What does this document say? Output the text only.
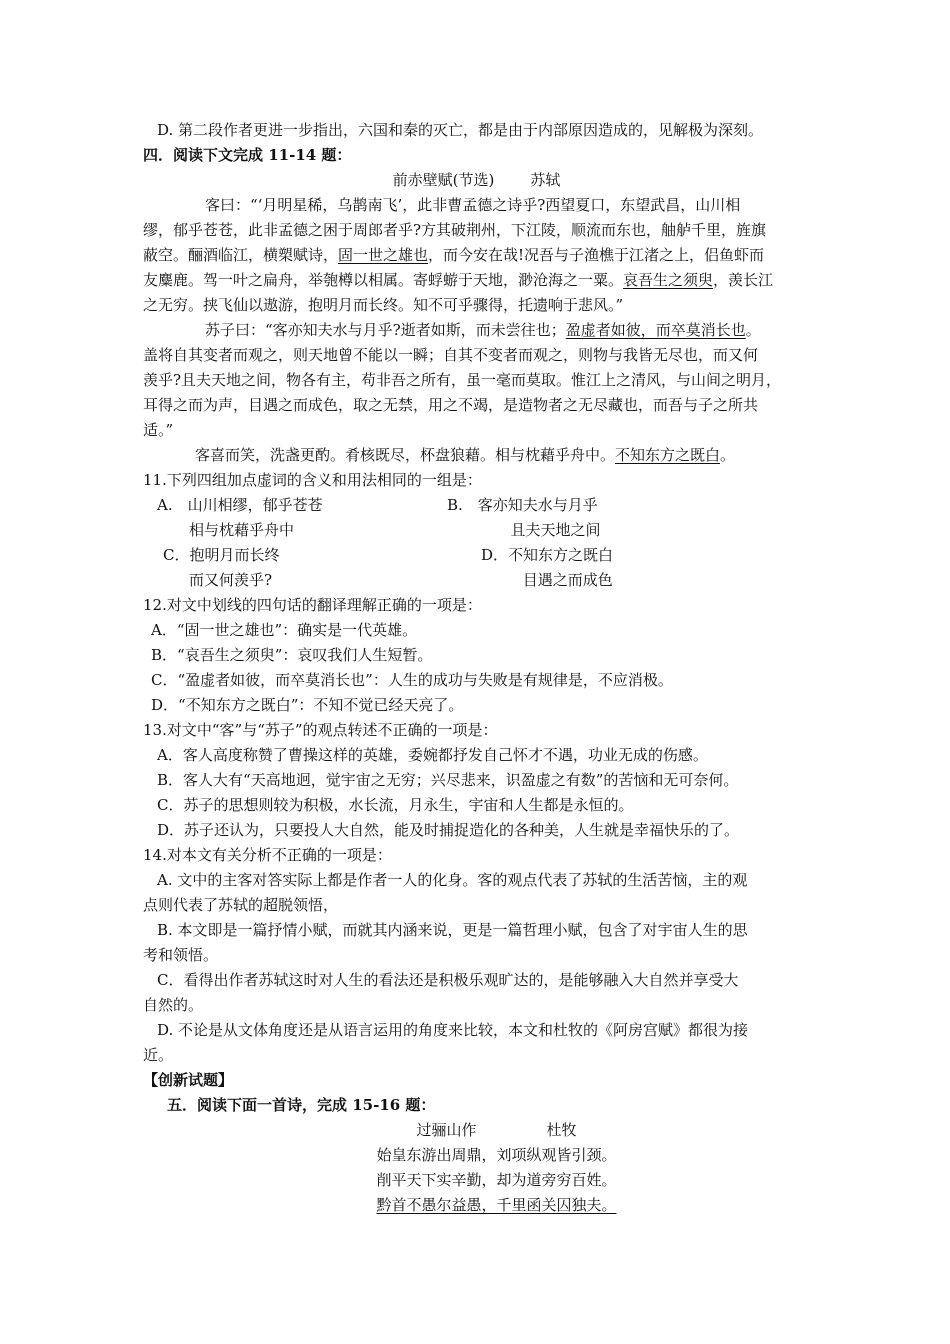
D. 第二段作者更进一步指出，六国和秦的灭亡，都是由于内部原因造成的，见解极为深刻。
四．阅读下文完成 11-14 题：
前赤壁赋(节选) 苏轼
客曰：“‘月明星稀，乌鹊南飞’，此非曹孟德之诗乎?西望夏口，东望武昌，山川相
缪，郁乎苍苍，此非孟德之困于周郎者乎?方其破荆州，下江陵，顺流而东也，舳舻千里，旌旗
蔽空。酾酒临江，横槊赋诗，固一世之雄也，而今安在哉!况吾与子渔樵于江渚之上，侣鱼虾而
友麋鹿。驾一叶之扁舟，举匏樽以相属。寄蜉蝣于天地，渺沧海之一粟。哀吾生之须臾，羡长江
之无穷。挟飞仙以遨游，抱明月而长终。知不可乎骤得，托遗响于悲风。”
苏子曰：“客亦知夫水与月乎?逝者如斯，而未尝往也；盈虚者如彼，而卒莫消长也。
盖将自其变者而观之，则天地曾不能以一瞬；自其不变者而观之，则物与我皆无尽也，而又何
羡乎?且夫天地之间，物各有主，苟非吾之所有，虽一毫而莫取。惟江上之清风，与山间之明月，
耳得之而为声，目遇之而成色，取之无禁，用之不竭，是造物者之无尽藏也，而吾与子之所共
适。”
客喜而笑，洗盏更酌。肴核既尽，杯盘狼藉。相与枕藉乎舟中。不知东方之既白。
11.下列四组加点虚词的含义和用法相同的一组是：
A.　山川相缪，郁乎苍苍	B.　客亦知夫水与月乎
相与枕藉乎舟中	且夫天地之间
C．抱明月而长终	D．不知东方之既白
而又何羡乎?	目遇之而成色
12.对文中划线的四句话的翻译理解正确的一项是：
A．“固一世之雄也”：确实是一代英雄。
B．“哀吾生之须臾”：哀叹我们人生短暂。
C．“盈虚者如彼，而卒莫消长也”：人生的成功与失败是有规律是，不应消极。
D．“不知东方之既白”：不知不觉已经天亮了。
13.对文中“客”与“苏子”的观点转述不正确的一项是：
A．客人高度称赞了曹操这样的英雄，委婉都抒发自己怀才不遇，功业无成的伤感。
B．客人大有“天高地迥，觉宇宙之无穷；兴尽悲来，识盈虚之有数”的苦恼和无可奈何。
C．苏子的思想则较为积极，水长流，月永生，宇宙和人生都是永恒的。
D．苏子还认为，只要投人大自然，能及时捕捉造化的各种美，人生就是幸福快乐的了。
14.对本文有关分析不正确的一项是：
A. 文中的主客对答实际上都是作者一人的化身。客的观点代表了苏轼的生活苦恼，主的观
点则代表了苏轼的超脱领悟，
B. 本文即是一篇抒情小赋，而就其内涵来说，更是一篇哲理小赋，包含了对宇宙人生的思
考和领悟。
C．看得出作者苏轼这时对人生的看法还是积极乐观旷达的，是能够融入大自然并享受大
自然的。
D. 不论是从文体角度还是从语言运用的角度来比较，本文和杜牧的《阿房宫赋》都很为接
近。
【创新试题】
五．阅读下面一首诗，完成 15-16 题：
过骊山作	杜牧
始皇东游出周鼎，刘项纵观皆引颈。
削平天下实辛勤，却为道旁穷百姓。
黔首不愚尔益愚，千里函关囚独夫。
